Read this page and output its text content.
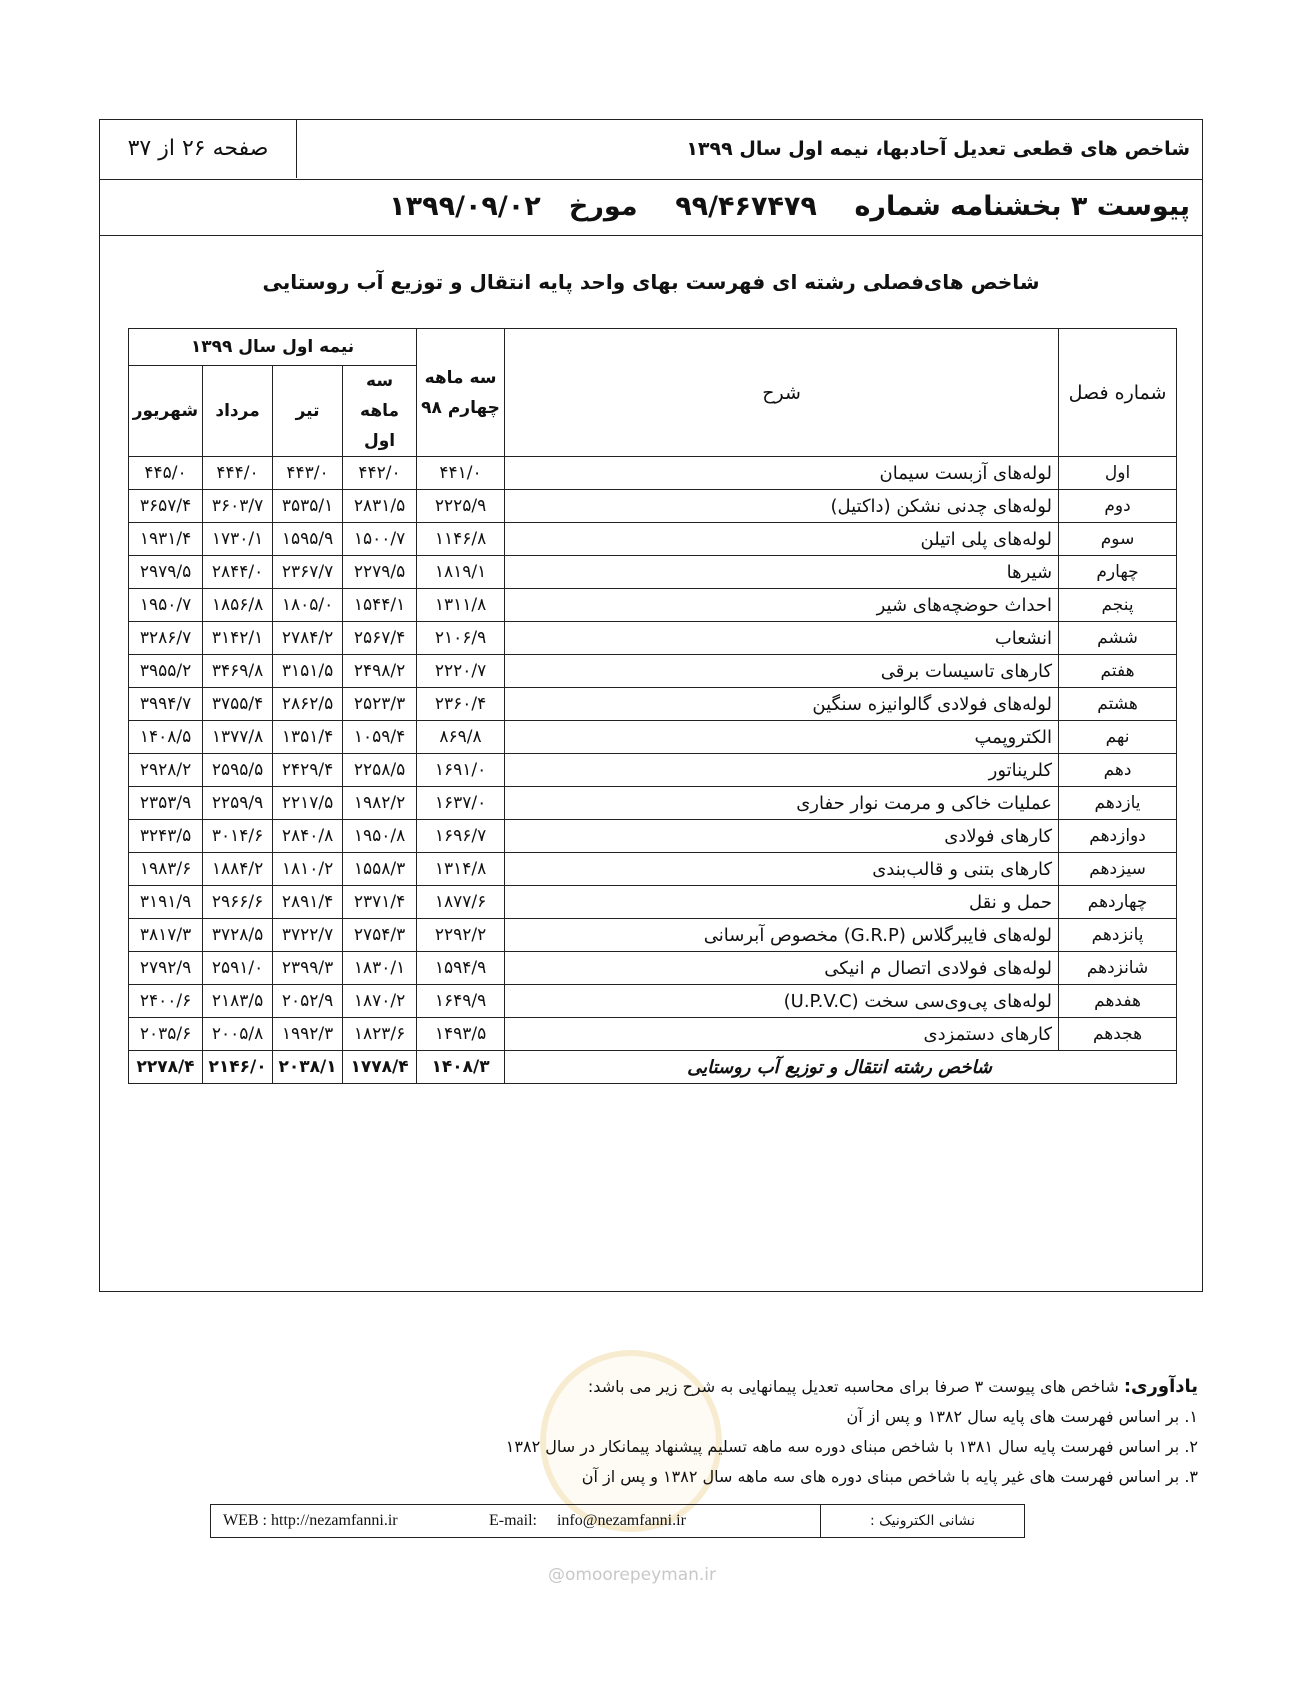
شاخص های قطعی تعدیل آحادبها، نیمه اول سال ۱۳۹۹
صفحه ۲۶ از ۳۷
پیوست ۳ بخشنامه شماره    ۹۹/۴۶۷۴۷۹    مورخ   ۱۳۹۹/۰۹/۰۲
شاخص های‌فصلی رشته ای فهرست بهای واحد پایه انتقال و توزیع آب روستایی
شماره فصل	شرح	سه ماهه چهارم ۹۸	نیمه اول سال ۱۳۹۹			
			سه ماهه اول	تیر	مرداد	شهریور
اول	لوله‌های آزبست سیمان	۴۴۱/۰	۴۴۲/۰	۴۴۳/۰	۴۴۴/۰	۴۴۵/۰
دوم	لوله‌های چدنی نشکن (داکتیل)	۲۲۲۵/۹	۲۸۳۱/۵	۳۵۳۵/۱	۳۶۰۳/۷	۳۶۵۷/۴
سوم	لوله‌های پلی اتیلن	۱۱۴۶/۸	۱۵۰۰/۷	۱۵۹۵/۹	۱۷۳۰/۱	۱۹۳۱/۴
چهارم	شیرها	۱۸۱۹/۱	۲۲۷۹/۵	۲۳۶۷/۷	۲۸۴۴/۰	۲۹۷۹/۵
پنجم	احداث حوضچه‌های شیر	۱۳۱۱/۸	۱۵۴۴/۱	۱۸۰۵/۰	۱۸۵۶/۸	۱۹۵۰/۷
ششم	انشعاب	۲۱۰۶/۹	۲۵۶۷/۴	۲۷۸۴/۲	۳۱۴۲/۱	۳۲۸۶/۷
هفتم	کارهای تاسیسات برقی	۲۲۲۰/۷	۲۴۹۸/۲	۳۱۵۱/۵	۳۴۶۹/۸	۳۹۵۵/۲
هشتم	لوله‌های فولادی گالوانیزه سنگین	۲۳۶۰/۴	۲۵۲۳/۳	۲۸۶۲/۵	۳۷۵۵/۴	۳۹۹۴/۷
نهم	الکتروپمپ	۸۶۹/۸	۱۰۵۹/۴	۱۳۵۱/۴	۱۳۷۷/۸	۱۴۰۸/۵
دهم	کلریناتور	۱۶۹۱/۰	۲۲۵۸/۵	۲۴۲۹/۴	۲۵۹۵/۵	۲۹۲۸/۲
یازدهم	عملیات خاکی و مرمت نوار حفاری	۱۶۳۷/۰	۱۹۸۲/۲	۲۲۱۷/۵	۲۲۵۹/۹	۲۳۵۳/۹
دوازدهم	کارهای فولادی	۱۶۹۶/۷	۱۹۵۰/۸	۲۸۴۰/۸	۳۰۱۴/۶	۳۲۴۳/۵
سیزدهم	کارهای بتنی و قالب‌بندی	۱۳۱۴/۸	۱۵۵۸/۳	۱۸۱۰/۲	۱۸۸۴/۲	۱۹۸۳/۶
چهاردهم	حمل و نقل	۱۸۷۷/۶	۲۳۷۱/۴	۲۸۹۱/۴	۲۹۶۶/۶	۳۱۹۱/۹
پانزدهم	لوله‌های فایبرگلاس (G.R.P) مخصوص آبرسانی	۲۲۹۲/۲	۲۷۵۴/۳	۳۷۲۲/۷	۳۷۲۸/۵	۳۸۱۷/۳
شانزدهم	لوله‌های فولادی اتصال م انیکی	۱۵۹۴/۹	۱۸۳۰/۱	۲۳۹۹/۳	۲۵۹۱/۰	۲۷۹۲/۹
هفدهم	لوله‌های پی‌وی‌سی سخت (U.P.V.C)	۱۶۴۹/۹	۱۸۷۰/۲	۲۰۵۲/۹	۲۱۸۳/۵	۲۴۰۰/۶
هجدهم	کارهای دستمزدی	۱۴۹۳/۵	۱۸۲۳/۶	۱۹۹۲/۳	۲۰۰۵/۸	۲۰۳۵/۶
شاخص رشته انتقال و توزیع آب روستایی		۱۴۰۸/۳	۱۷۷۸/۴	۲۰۳۸/۱	۲۱۴۶/۰	۲۲۷۸/۴
یادآوری: شاخص های پیوست ۳ صرفا برای محاسبه تعدیل پیمانهایی به شرح زیر می باشد:
۱. بر اساس فهرست های پایه سال ۱۳۸۲ و پس از آن
۲. بر اساس فهرست پایه سال ۱۳۸۱ با شاخص مبنای دوره سه ماهه تسلیم پیشنهاد پیمانکار در سال ۱۳۸۲
۳. بر اساس فهرست های غیر پایه با شاخص مبنای دوره های سه ماهه سال ۱۳۸۲ و پس از آن
نشانی الکترونیک :
WEB : http://nezamfanni.ir	E-mail:     info@nezamfanni.ir
@omoorepeyman.ir
